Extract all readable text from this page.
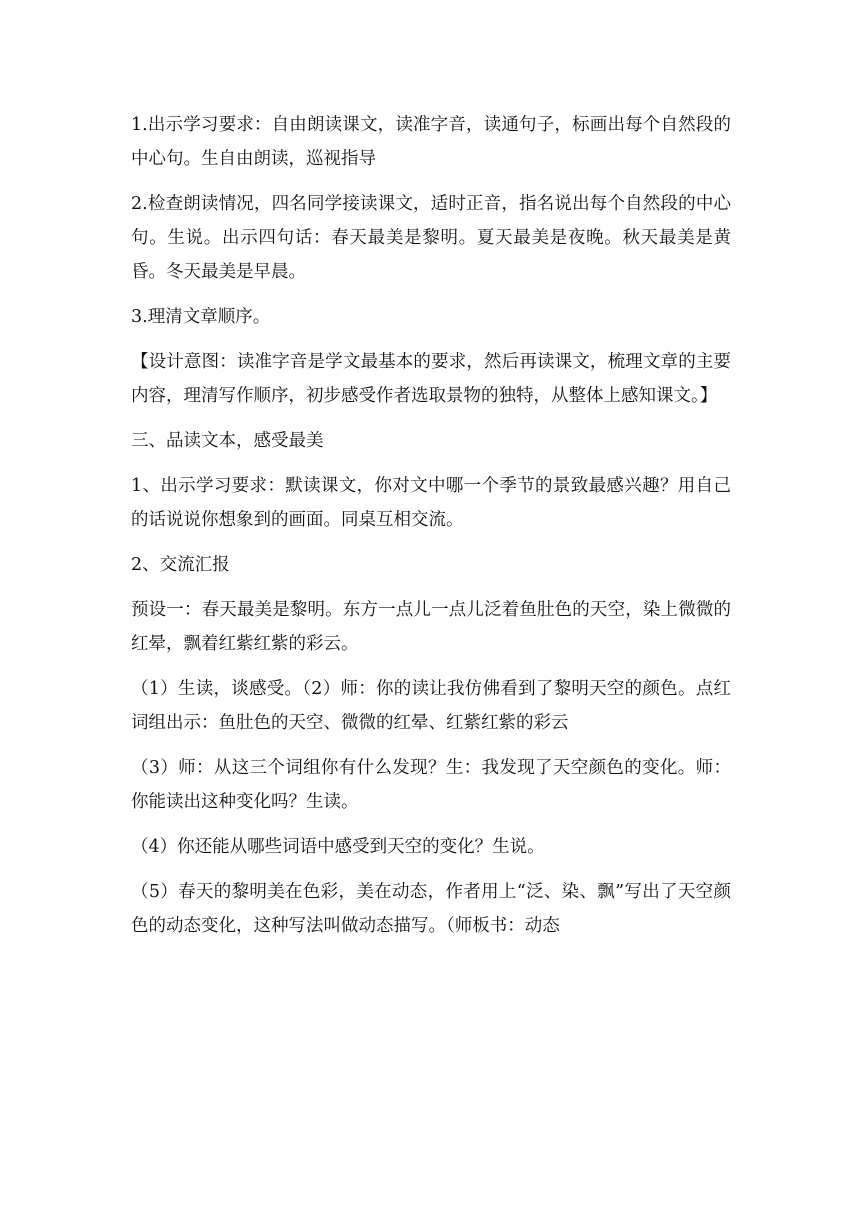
1.出示学习要求：自由朗读课文，读准字音，读通句子，标画出每个自然段的中心句。生自由朗读，巡视指导

2.检查朗读情况，四名同学接读课文，适时正音，指名说出每个自然段的中心句。生说。出示四句话：春天最美是黎明。夏天最美是夜晚。秋天最美是黄昏。冬天最美是早晨。

3.理清文章顺序。

【设计意图：读准字音是学文最基本的要求，然后再读课文，梳理文章的主要内容，理清写作顺序，初步感受作者选取景物的独特，从整体上感知课文。】

三、品读文本，感受最美

1、出示学习要求：默读课文，你对文中哪一个季节的景致最感兴趣？用自己的话说说你想象到的画面。同桌互相交流。

2、交流汇报

预设一：春天最美是黎明。东方一点儿一点儿泛着鱼肚色的天空，染上微微的红晕，飘着红紫红紫的彩云。

（1）生读，谈感受。（2）师：你的读让我仿佛看到了黎明天空的颜色。点红词组出示：鱼肚色的天空、微微的红晕、红紫红紫的彩云

（3）师：从这三个词组你有什么发现？生：我发现了天空颜色的变化。师：你能读出这种变化吗？生读。

（4）你还能从哪些词语中感受到天空的变化？生说。

（5）春天的黎明美在色彩，美在动态，作者用上“泛、染、飘”写出了天空颜色的动态变化，这种写法叫做动态描写。（师板书：动态
